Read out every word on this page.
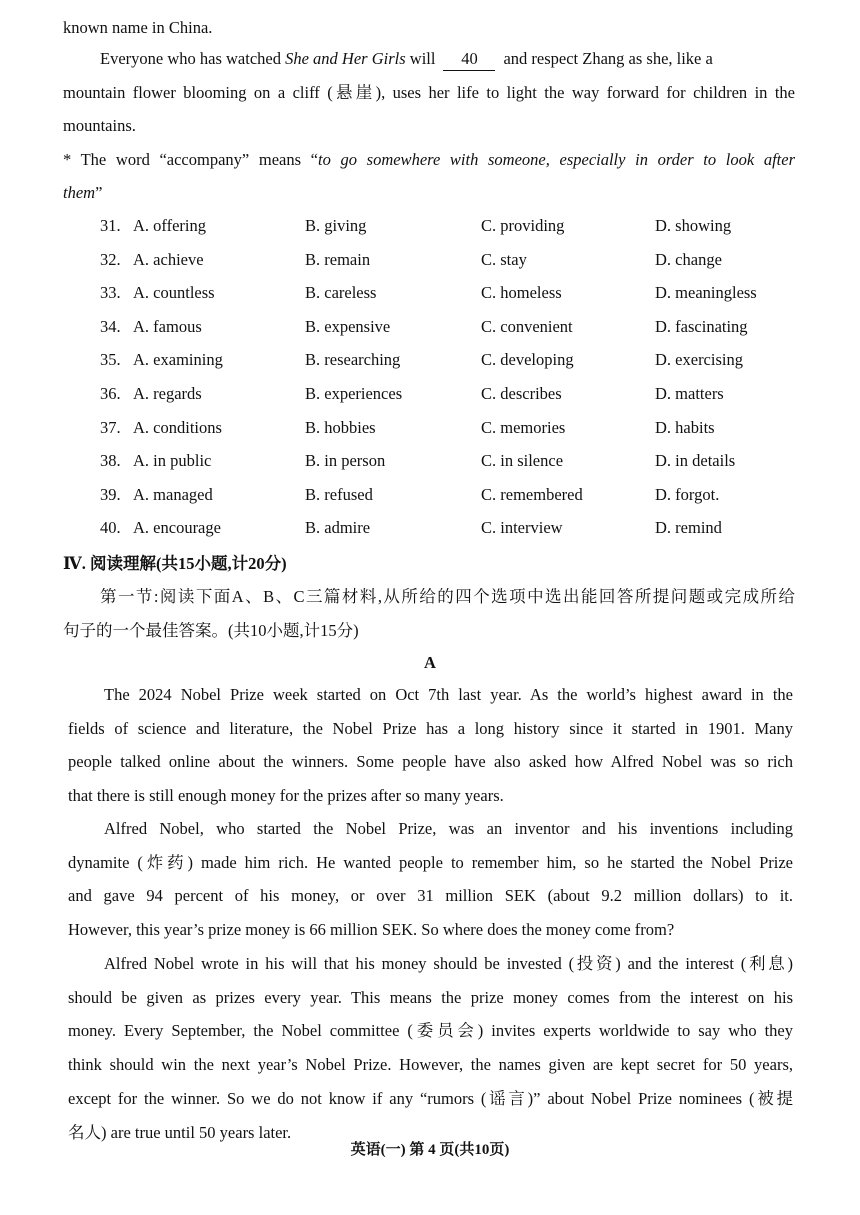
known name in China.
Everyone who has watched She and Her Girls will 40 and respect Zhang as she, like a
mountain flower blooming on a cliff (悬崖), uses her life to light the way forward for children in the
mountains.
* The word “accompany” means “to go somewhere with someone, especially in order to look after
them”
31. A. offering	B. giving	C. providing	D. showing
32. A. achieve	B. remain	C. stay	D. change
33. A. countless	B. careless	C. homeless	D. meaningless
34. A. famous	B. expensive	C. convenient	D. fascinating
35. A. examining	B. researching	C. developing	D. exercising
36. A. regards	B. experiences	C. describes	D. matters
37. A. conditions	B. hobbies	C. memories	D. habits
38. A. in public	B. in person	C. in silence	D. in details
39. A. managed	B. refused	C. remembered	D. forgot.
40. A. encourage	B. admire	C. interview	D. remind
Ⅳ. 阅读理解(共15小题,计20分)
第一节:阅读下面A、B、C三篇材料,从所给的四个选项中选出能回答所提问题或完成所给
句子的一个最佳答案。(共10小题,计15分)
A
The 2024 Nobel Prize week started on Oct 7th last year. As the world’s highest award in the
fields of science and literature, the Nobel Prize has a long history since it started in 1901. Many
people talked online about the winners. Some people have also asked how Alfred Nobel was so rich
that there is still enough money for the prizes after so many years.
Alfred Nobel, who started the Nobel Prize, was an inventor and his inventions including
dynamite (炸药) made him rich. He wanted people to remember him, so he started the Nobel Prize
and gave 94 percent of his money, or over 31 million SEK (about 9.2 million dollars) to it.
However, this year’s prize money is 66 million SEK. So where does the money come from?
Alfred Nobel wrote in his will that his money should be invested (投资) and the interest (利息)
should be given as prizes every year. This means the prize money comes from the interest on his
money. Every September, the Nobel committee (委员会) invites experts worldwide to say who they
think should win the next year’s Nobel Prize. However, the names given are kept secret for 50 years,
except for the winner. So we do not know if any “rumors (谣言)” about Nobel Prize nominees (被提
名人) are true until 50 years later.
英语(一) 第 4 页(共10页)
